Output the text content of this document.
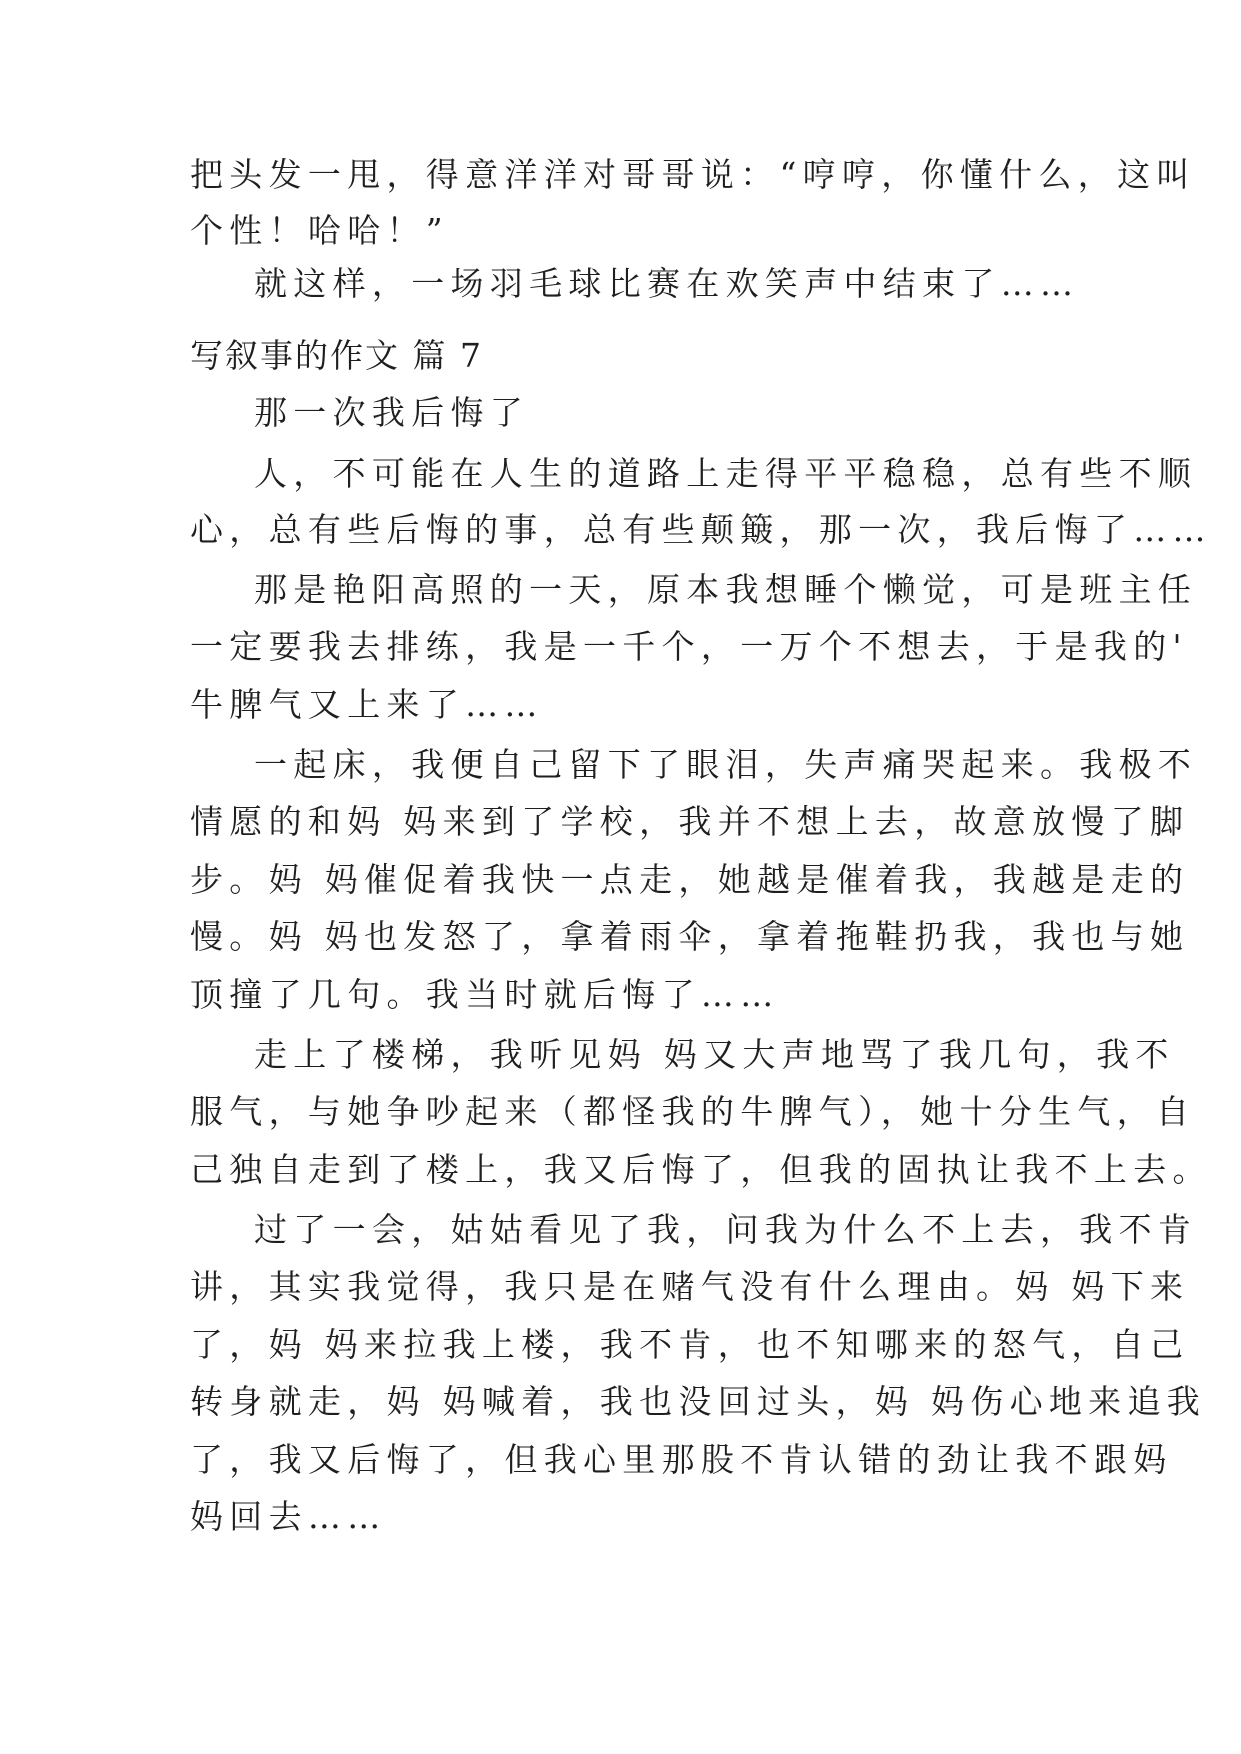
把头发一甩，得意洋洋对哥哥说：“哼哼，你懂什么，这叫
个性！哈哈！”
就这样，一场羽毛球比赛在欢笑声中结束了……
写叙事的作文 篇 7
那一次我后悔了
人，不可能在人生的道路上走得平平稳稳，总有些不顺
心，总有些后悔的事，总有些颠簸，那一次，我后悔了……
那是艳阳高照的一天，原本我想睡个懒觉，可是班主任
一定要我去排练，我是一千个，一万个不想去，于是我的'
牛脾气又上来了……
一起床，我便自己留下了眼泪，失声痛哭起来。我极不
情愿的和妈 妈来到了学校，我并不想上去，故意放慢了脚
步。妈 妈催促着我快一点走，她越是催着我，我越是走的
慢。妈 妈也发怒了，拿着雨伞，拿着拖鞋扔我，我也与她
顶撞了几句。我当时就后悔了……
走上了楼梯，我听见妈 妈又大声地骂了我几句，我不
服气，与她争吵起来（都怪我的牛脾气），她十分生气，自
己独自走到了楼上，我又后悔了，但我的固执让我不上去。
过了一会，姑姑看见了我，问我为什么不上去，我不肯
讲，其实我觉得，我只是在赌气没有什么理由。妈 妈下来
了，妈 妈来拉我上楼，我不肯，也不知哪来的怒气，自己
转身就走，妈 妈喊着，我也没回过头，妈 妈伤心地来追我
了，我又后悔了，但我心里那股不肯认错的劲让我不跟妈
妈回去……
